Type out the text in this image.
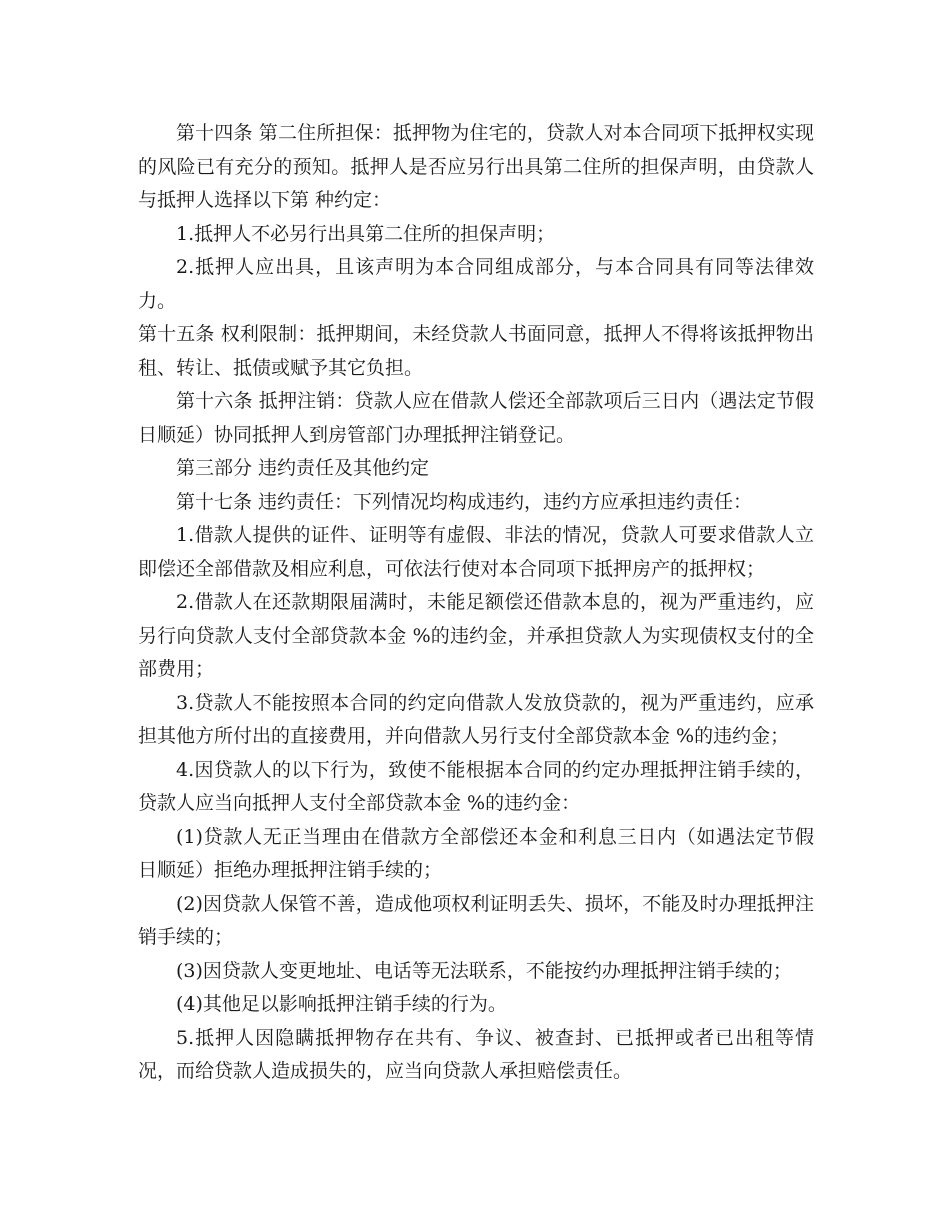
第十四条 第二住所担保：抵押物为住宅的，贷款人对本合同项下抵押权实现的风险已有充分的预知。抵押人是否应另行出具第二住所的担保声明，由贷款人与抵押人选择以下第 种约定：

1.抵押人不必另行出具第二住所的担保声明；

2.抵押人应出具，且该声明为本合同组成部分，与本合同具有同等法律效力。

第十五条 权利限制：抵押期间，未经贷款人书面同意，抵押人不得将该抵押物出租、转让、抵债或赋予其它负担。

第十六条 抵押注销：贷款人应在借款人偿还全部款项后三日内（遇法定节假日顺延）协同抵押人到房管部门办理抵押注销登记。

第三部分 违约责任及其他约定

第十七条 违约责任：下列情况均构成违约，违约方应承担违约责任：

1.借款人提供的证件、证明等有虚假、非法的情况，贷款人可要求借款人立即偿还全部借款及相应利息，可依法行使对本合同项下抵押房产的抵押权；

2.借款人在还款期限届满时，未能足额偿还借款本息的，视为严重违约，应另行向贷款人支付全部贷款本金 %的违约金，并承担贷款人为实现债权支付的全部费用；

3.贷款人不能按照本合同的约定向借款人发放贷款的，视为严重违约，应承担其他方所付出的直接费用，并向借款人另行支付全部贷款本金 %的违约金；

4.因贷款人的以下行为，致使不能根据本合同的约定办理抵押注销手续的，贷款人应当向抵押人支付全部贷款本金 %的违约金：

(1)贷款人无正当理由在借款方全部偿还本金和利息三日内（如遇法定节假 日顺延）拒绝办理抵押注销手续的；

(2)因贷款人保管不善，造成他项权利证明丢失、损坏，不能及时办理抵押注销手续的；

(3)因贷款人变更地址、电话等无法联系，不能按约办理抵押注销手续的；

(4)其他足以影响抵押注销手续的行为。

5.抵押人因隐瞒抵押物存在共有、争议、被查封、已抵押或者已出租等情况，而给贷款人造成损失的，应当向贷款人承担赔偿责任。
